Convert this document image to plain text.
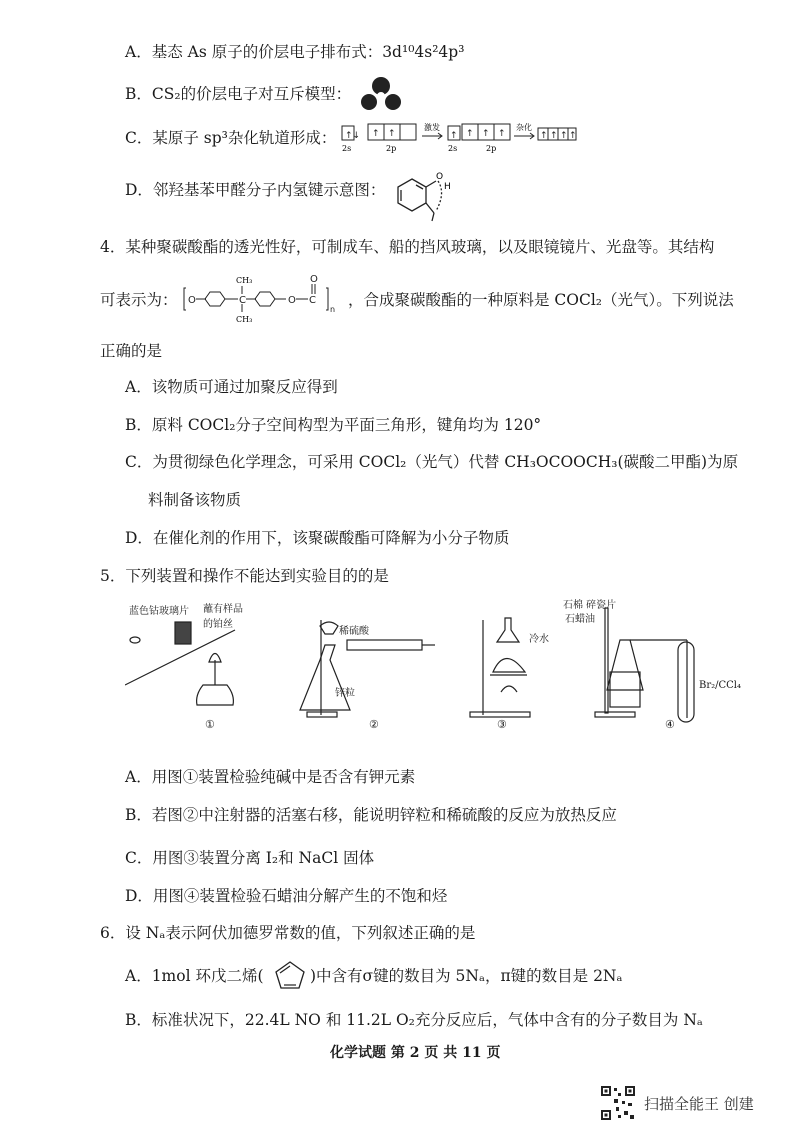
A．基态 As 原子的价层电子排布式：3d¹⁰4s²4p³
B．CS₂的价层电子对互斥模型：
C．某原子 sp³杂化轨道形成： ↑↓ ↑ ↑	↑ ↑ ↑ ↑	↑ ↑ ↑ ↑
2s	2p
激发
2s	2p
杂化
D．邻羟基苯甲醛分子内氢键示意图：
O
H
4．某种聚碳酸酯的透光性好，可制成车、船的挡风玻璃，以及眼镜镜片、光盘等。其结构
可表示为： O	C	O C
O
n
CH₃
CH₃
，合成聚碳酸酯的一种原料是 COCl₂（光气）。下列说法
正确的是
A．该物质可通过加聚反应得到
B．原料 COCl₂分子空间构型为平面三角形，键角均为 120°
C．为贯彻绿色化学理念，可采用 COCl₂（光气）代替 CH₃OCOOCH₃(碳酸二甲酯)为原
料制备该物质
D．在催化剂的作用下，该聚碳酸酯可降解为小分子物质
5．下列装置和操作不能达到实验目的的是
蓝色钴玻璃片 蘸有样品的铂丝
稀硫酸
锌粒
冷水
石棉 碎瓷片
石蜡油
Br₂/CCl₄
①	②	③	④
A．用图①装置检验纯碱中是否含有钾元素
B．若图②中注射器的活塞右移，能说明锌粒和稀硫酸的反应为放热反应
C．用图③装置分离 I₂和 NaCl 固体
D．用图④装置检验石蜡油分解产生的不饱和烃
6．设 Nₐ表示阿伏加德罗常数的值，下列叙述正确的是
A．1mol 环戊二烯(	)中含有σ键的数目为 5Nₐ，π键的数目是 2Nₐ
B．标准状况下，22.4L NO 和 11.2L O₂充分反应后，气体中含有的分子数目为 Nₐ
化学试题 第 2 页 共 11 页
扫描全能王 创建
